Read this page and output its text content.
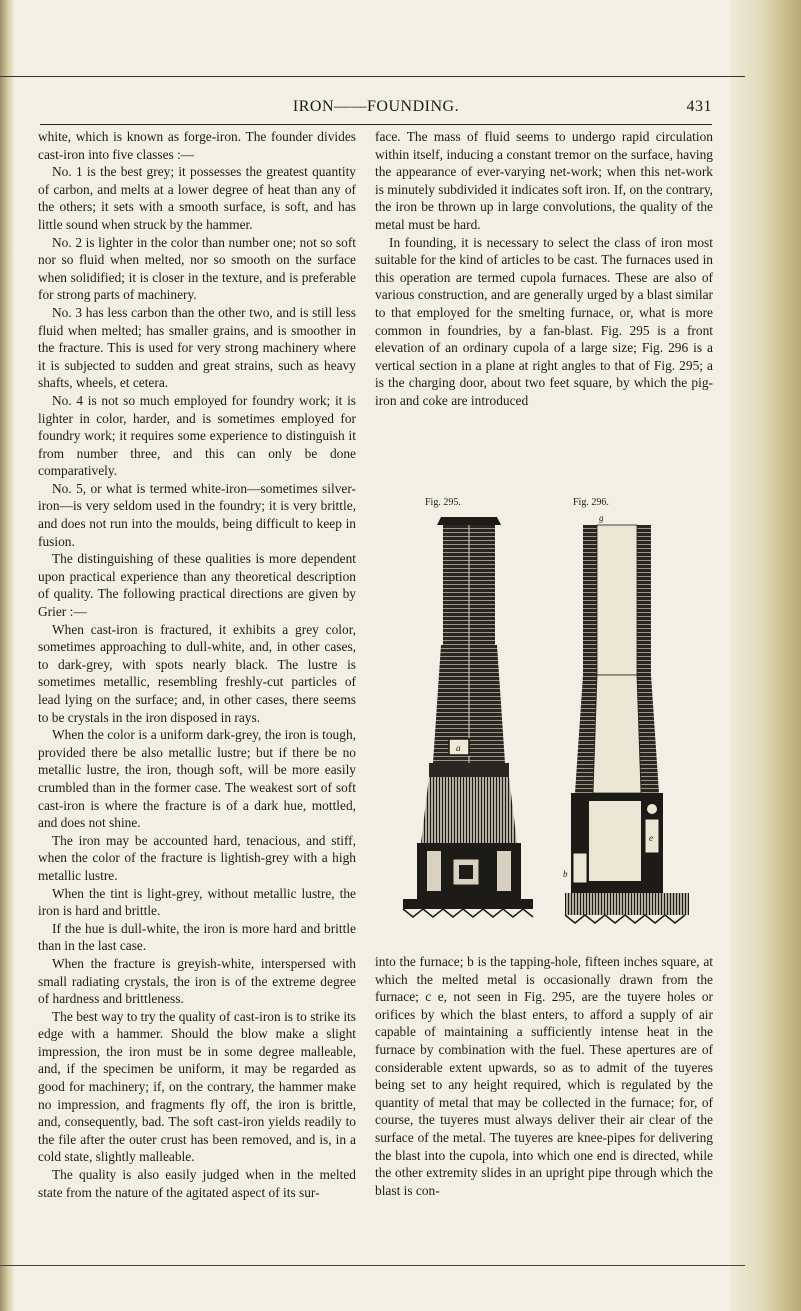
IRON——FOUNDING.	431

white, which is known as forge-iron. The founder divides cast-iron into five classes :—

No. 1 is the best grey; it possesses the greatest quantity of carbon, and melts at a lower degree of heat than any of the others; it sets with a smooth surface, is soft, and has little sound when struck by the hammer.

No. 2 is lighter in the color than number one; not so soft nor so fluid when melted, nor so smooth on the surface when solidified; it is closer in the texture, and is preferable for strong parts of machinery.

No. 3 has less carbon than the other two, and is still less fluid when melted; has smaller grains, and is smoother in the fracture. This is used for very strong machinery where it is subjected to sudden and great strains, such as heavy shafts, wheels, et cetera.

No. 4 is not so much employed for foundry work; it is lighter in color, harder, and is sometimes employed for foundry work; it requires some experience to distinguish it from number three, and this can only be done comparatively.

No. 5, or what is termed white-iron—sometimes silver-iron—is very seldom used in the foundry; it is very brittle, and does not run into the moulds, being difficult to keep in fusion.

The distinguishing of these qualities is more dependent upon practical experience than any theoretical description of quality. The following practical directions are given by Grier :—

When cast-iron is fractured, it exhibits a grey color, sometimes approaching to dull-white, and, in other cases, to dark-grey, with spots nearly black. The lustre is sometimes metallic, resembling freshly-cut particles of lead lying on the surface; and, in other cases, there seems to be crystals in the iron disposed in rays.

When the color is a uniform dark-grey, the iron is tough, provided there be also metallic lustre; but if there be no metallic lustre, the iron, though soft, will be more easily crumbled than in the former case. The weakest sort of soft cast-iron is where the fracture is of a dark hue, mottled, and does not shine.

The iron may be accounted hard, tenacious, and stiff, when the color of the fracture is lightish-grey with a high metallic lustre.

When the tint is light-grey, without metallic lustre, the iron is hard and brittle.

If the hue is dull-white, the iron is more hard and brittle than in the last case.

When the fracture is greyish-white, interspersed with small radiating crystals, the iron is of the extreme degree of hardness and brittleness.

The best way to try the quality of cast-iron is to strike its edge with a hammer. Should the blow make a slight impression, the iron must be in some degree malleable, and, if the specimen be uniform, it may be regarded as good for machinery; if, on the contrary, the hammer make no impression, and fragments fly off, the iron is brittle, and, consequently, bad. The soft cast-iron yields readily to the file after the outer crust has been removed, and is, in a cold state, slightly malleable.

The quality is also easily judged when in the melted state from the nature of the agitated aspect of its sur-

face. The mass of fluid seems to undergo rapid circulation within itself, inducing a constant tremor on the surface, having the appearance of ever-varying net-work; when this net-work is minutely subdivided it indicates soft iron. If, on the contrary, the iron be thrown up in large convolutions, the quality of the metal must be hard.

In founding, it is necessary to select the class of iron most suitable for the kind of articles to be cast. The furnaces used in this operation are termed cupola furnaces. These are also of various construction, and are generally urged by a blast similar to that employed for the smelting furnace, or, what is more common in foundries, by a fan-blast. Fig. 295 is a front elevation of an ordinary cupola of a large size; Fig. 296 is a vertical section in a plane at right angles to that of Fig. 295; a is the charging door, about two feet square, by which the pig-iron and coke are introduced

Fig. 295.	Fig. 296.
a
g
e
b

into the furnace; b is the tapping-hole, fifteen inches square, at which the melted metal is occasionally drawn from the furnace; c e, not seen in Fig. 295, are the tuyere holes or orifices by which the blast enters, to afford a supply of air capable of maintaining a sufficiently intense heat in the furnace by combination with the fuel. These apertures are of considerable extent upwards, so as to admit of the tuyeres being set to any height required, which is regulated by the quantity of metal that may be collected in the furnace; for, of course, the tuyeres must always deliver their air clear of the surface of the metal. The tuyeres are knee-pipes for delivering the blast into the cupola, into which one end is directed, while the other extremity slides in an upright pipe through which the blast is con-
